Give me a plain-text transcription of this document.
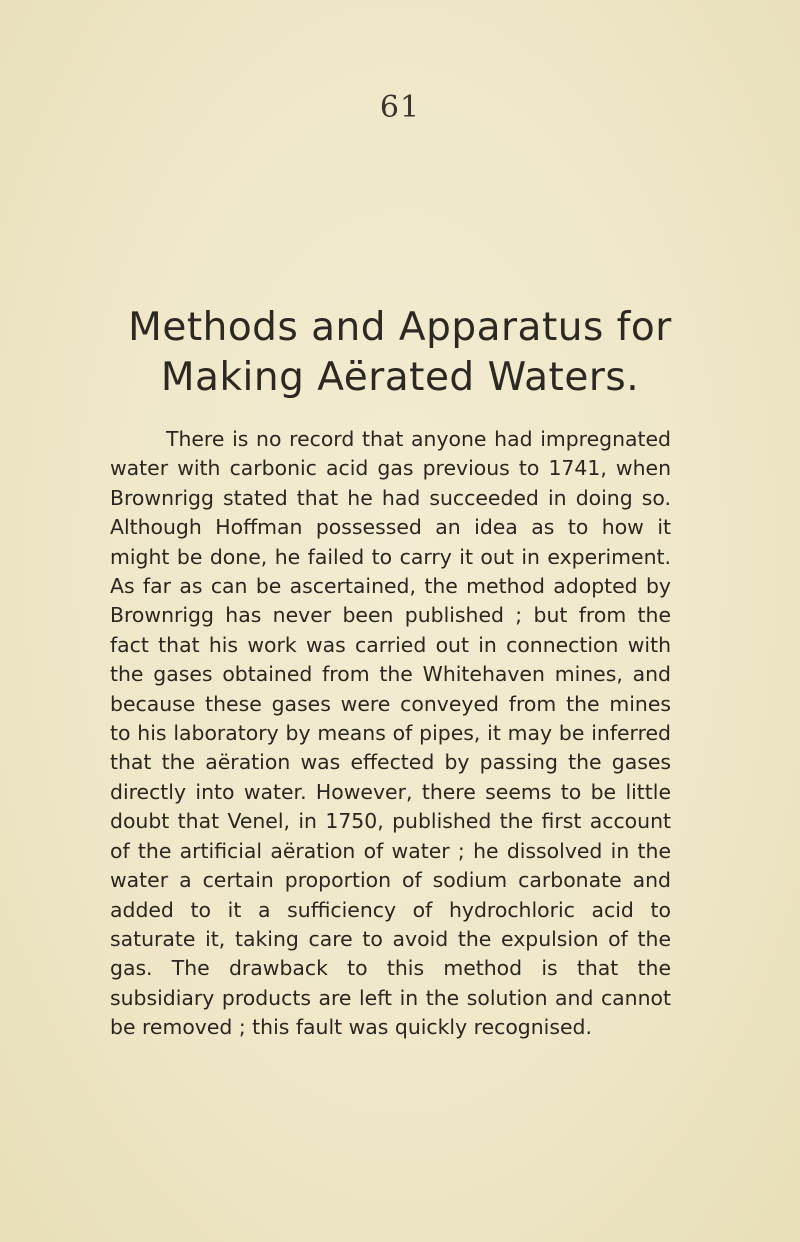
61
Methods and Apparatus for
Making Aërated Waters.

There is no record that anyone had impregnated water with carbonic acid gas previous to 1741, when Brownrigg stated that he had succeeded in doing so. Although Hoffman possessed an idea as to how it might be done, he failed to carry it out in experiment. As far as can be ascertained, the method adopted by Brownrigg has never been published ; but from the fact that his work was carried out in connection with the gases obtained from the Whitehaven mines, and because these gases were conveyed from the mines to his laboratory by means of pipes, it may be inferred that the aëration was effected by passing the gases directly into water. However, there seems to be little doubt that Venel, in 1750, published the first account of the artificial aëration of water ; he dissolved in the water a certain proportion of sodium carbonate and added to it a sufficiency of hydrochloric acid to saturate it, taking care to avoid the expulsion of the gas. The drawback to this method is that the subsidiary products are left in the solution and cannot be removed ; this fault was quickly recognised.
